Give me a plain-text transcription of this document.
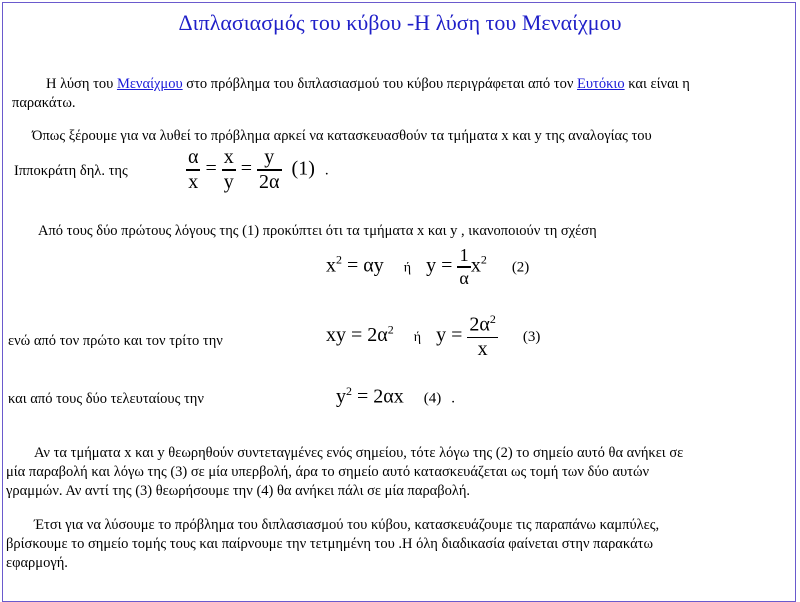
Διπλασιασμός του κύβου -Η λύση του Μεναίχμου
Η λύση του Μεναίχμου στο πρόβλημα του διπλασιασμού του κύβου περιγράφεται από τον Ευτόκιο και είναι η
παρακάτω.
Όπως ξέρουμε για να λυθεί το πρόβλημα αρκεί να κατασκευασθούν τα τμήματα x και y της αναλογίας του
Ιπποκράτη δηλ. της	$\frac{\alpha}{x} = \frac{x}{y} = \frac{y}{2\alpha} (1)$ .
Από τους δύο πρώτους λόγους της (1) προκύπτει ότι τα τμήματα x και y , ικανοποιούν τη σχέση
$x^2 = \alpha y$ ή $y = \frac{1}{\alpha} x^2$ (2)
ενώ από τον πρώτο και τον τρίτο την	xy = $2\alpha^2$    ή $y = \frac{2\alpha^2}{x} (3)$
και από τους δύο τελευταίους την	$y^2 = 2\alpha x$ (4) .
Αν τα τμήματα x και y θεωρηθούν συντεταγμένες ενός σημείου, τότε λόγω της (2) το σημείο αυτό θα ανήκει σε
μία παραβολή και λόγω της (3) σε μία υπερβολή, άρα το σημείο αυτό κατασκευάζεται ως τομή των δύο αυτών
γραμμών. Αν αντί της (3) θεωρήσουμε την (4) θα ανήκει πάλι σε μία παραβολή.
Έτσι για να λύσουμε το πρόβλημα του διπλασιασμού του κύβου, κατασκευάζουμε τις παραπάνω καμπύλες,
βρίσκουμε το σημείο τομής τους και παίρνουμε την τετμημένη του .Η όλη διαδικασία φαίνεται στην παρακάτω
εφαρμογή.
